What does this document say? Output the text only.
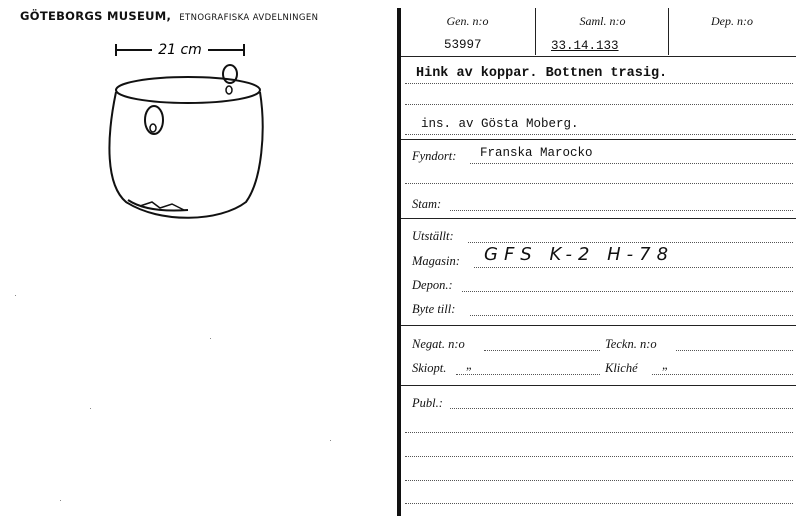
GÖTEBORGS MUSEUM, ETNOGRAFISKA AVDELNINGEN
21 cm
Gen. n:o	Saml. n:o	Dep. n:o
53997	33.14.133
Hink av koppar. Bottnen trasig.
ins. av Gösta Moberg.
Fyndort: Franska Marocko
Stam:
Utställt:
Magasin: GFS K-2 H-78
Depon.:
Byte till:
Negat. n:o	Teckn. n:o
Skiopt. „	Kliché „
Publ.:
